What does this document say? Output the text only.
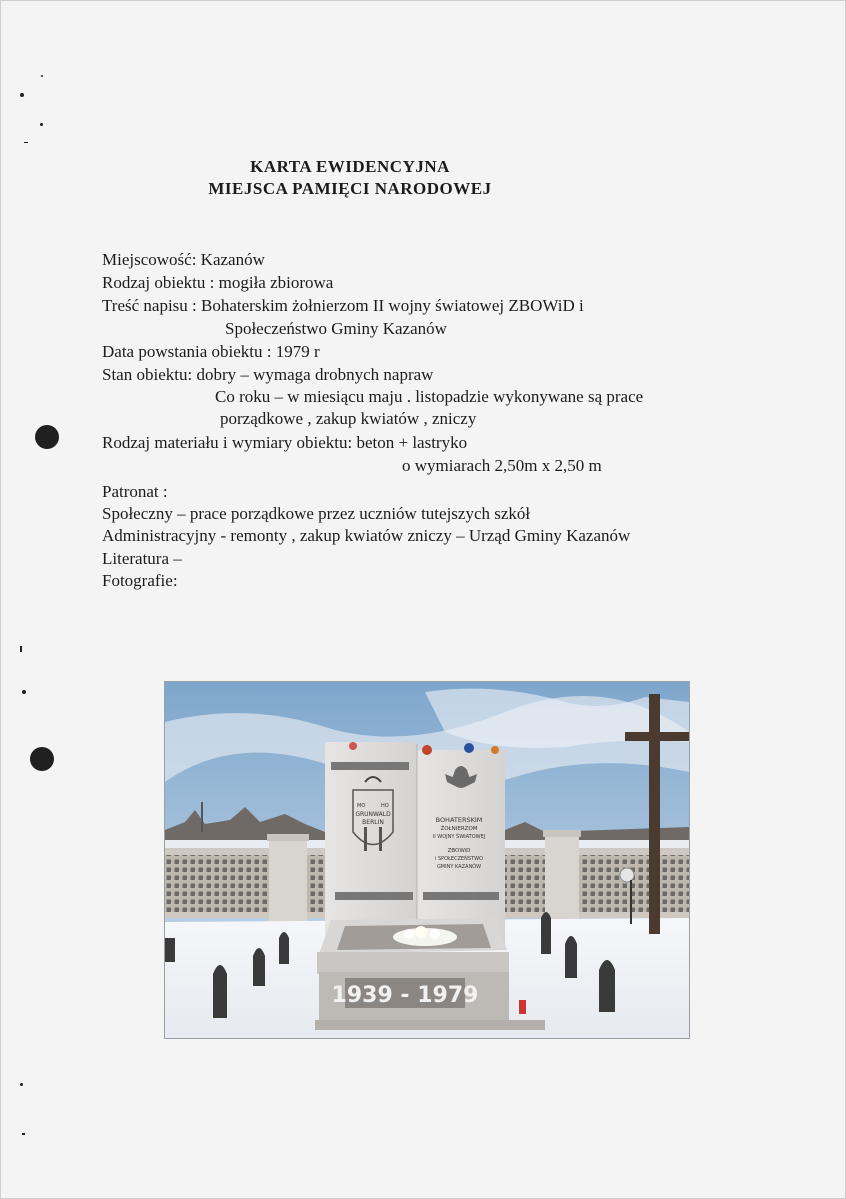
KARTA EWIDENCYJNA
MIEJSCA PAMIĘCI NARODOWEJ
Miejscowość: Kazanów
Rodzaj obiektu : mogiła zbiorowa
Treść napisu : Bohaterskim żołnierzom II wojny światowej ZBOWiD i
Społeczeństwo Gminy Kazanów
Data powstania obiektu : 1979 r
Stan obiektu: dobry – wymaga drobnych napraw
Co roku – w miesiącu maju . listopadzie wykonywane są prace
porządkowe , zakup kwiatów , zniczy
Rodzaj materiału i wymiary obiektu: beton + lastryko
o wymiarach 2,50m x 2,50 m
Patronat :
Społeczny – prace porządkowe przez uczniów tutejszych szkół
Administracyjny - remonty , zakup kwiatów zniczy – Urząd Gminy Kazanów
Literatura –
Fotografie:
MO	HO
GRUNWALD
BERLIN	BOHATERSKIM
ŻOŁNIERZOM
II WOJNY ŚWIATOWEJ
ZBOWiD
i SPOŁECZEŃSTWO
GMINY KAZANÓW
1939 - 1979
